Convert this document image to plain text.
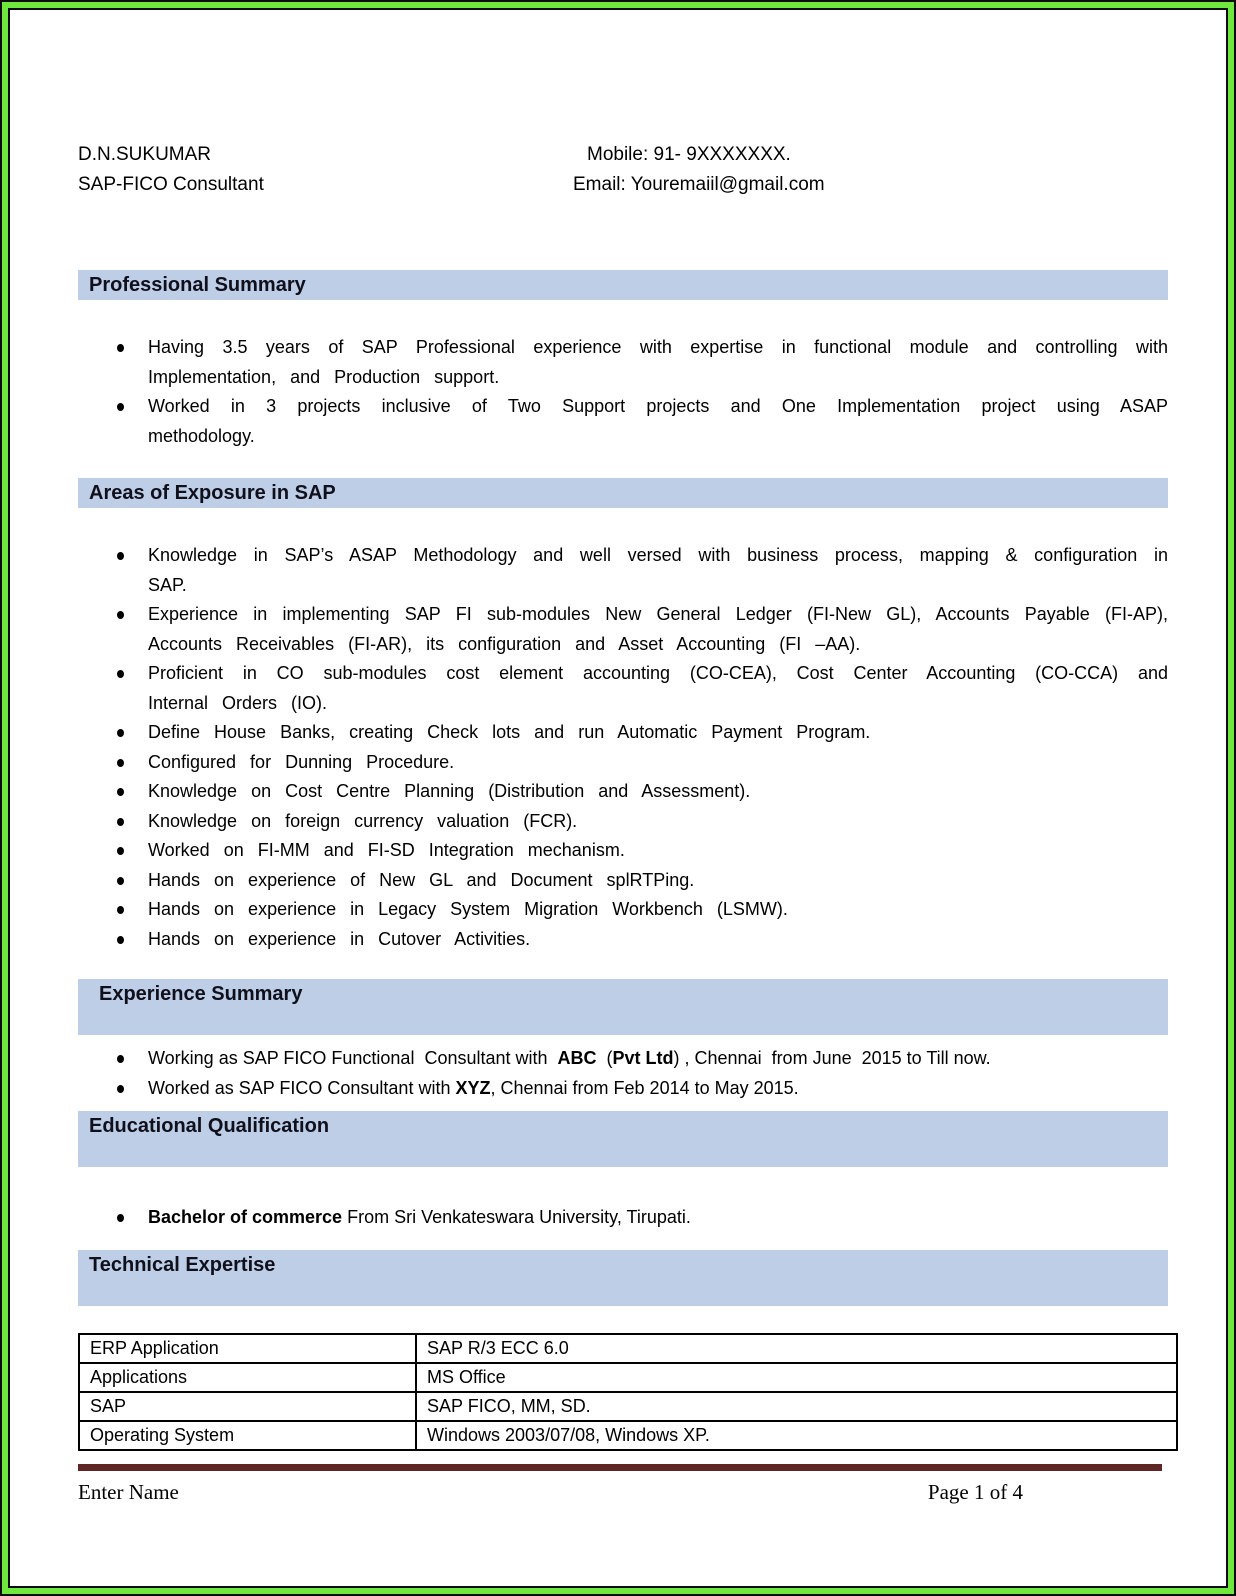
D.N.SUKUMAR
SAP-FICO Consultant
Mobile: 91- 9XXXXXXX.
Email: Youremaiil@gmail.com
Professional Summary
Having 3.5 years of SAP Professional experience with expertise in functional module and controlling with Implementation, and Production support.
Worked in 3 projects inclusive of Two Support projects and One Implementation project using ASAP methodology.
Areas of Exposure in SAP
Knowledge in SAP’s ASAP Methodology and well versed with business process, mapping & configuration in SAP.
Experience in implementing SAP FI sub-modules New General Ledger (FI-New GL), Accounts Payable (FI-AP), Accounts Receivables (FI-AR), its configuration and Asset Accounting (FI –AA).
Proficient in CO sub-modules cost element accounting (CO-CEA), Cost Center Accounting (CO-CCA) and Internal Orders (IO).
Define House Banks, creating Check lots and run Automatic Payment Program.
Configured for Dunning Procedure.
Knowledge on Cost Centre Planning (Distribution and Assessment).
Knowledge on foreign currency valuation (FCR).
Worked on FI-MM and FI-SD Integration mechanism.
Hands on experience of New GL and Document splRTPing.
Hands on experience in Legacy System Migration Workbench (LSMW).
Hands on experience in Cutover Activities.
Experience Summary
Working as SAP FICO Functional  Consultant with  ABC  (Pvt Ltd) , Chennai  from June  2015 to Till now.
Worked as SAP FICO Consultant with XYZ, Chennai from Feb 2014 to May 2015.
Educational Qualification
Bachelor of commerce From Sri Venkateswara University, Tirupati.
Technical Expertise
ERP Application	SAP R/3 ECC 6.0
Applications	MS Office
SAP	SAP FICO, MM, SD.
Operating System	Windows 2003/07/08, Windows XP.
Enter Name	Page 1 of 4
